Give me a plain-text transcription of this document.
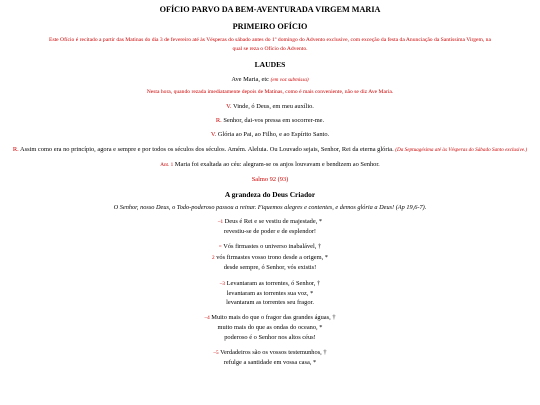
OFÍCIO PARVO DA BEM-AVENTURADA VIRGEM MARIA
PRIMEIRO OFÍCIO
Este Ofício é recitado a partir das Matinas do dia 3 de fevereiro até às Vésperas do sábado antes do 1º domingo do Advento exclusive, com exceção da festa da Anunciação da Santíssima Virgem, na
qual se reza o Ofício do Advento.
LAUDES
Ave Maria, etc (em voz submissa)
Nesta hora, quando rezada imediatamente depois de Matinas, como é mais conveniente, não se diz Ave Maria.
V. Vinde, ó Deus, em meu auxílio.
R. Senhor, dai-vos pressa em socorrer-me.
V. Glória ao Pai, ao Filho, e ao Espírito Santo.
R. Assim como era no princípio, agora e sempre e por todos os séculos dos séculos. Amém. Aleluia. Ou Louvado sejais, Senhor, Rei da eterna glória. (Da Septuagésima até às Vésperas do Sábado Santo exclusive.)
Ant. 1 Maria foi exaltada ao céu: alegram-se os anjos louvavam e bendizem ao Senhor.
Salmo 92 (93)
A grandeza do Deus Criador
O Senhor, nosso Deus, o Todo-poderoso passou a reinar. Fiquemos alegres e contentes, e demos glória a Deus! (Ap 19,6-7).
–1 Deus é Rei e se vestiu de majestade, *
revestiu-se de poder e de esplendor!
= Vós firmastes o universo inabalável, †
2 vós firmastes vosso trono desde a origem, *
desde sempre, ó Senhor, vós existis!
–3 Levantaram as torrentes, ó Senhor, †
levantaram as torrentes sua voz, *
levantaram as torrentes seu fragor.
–4 Muito mais do que o fragor das grandes águas, †
muito mais do que as ondas do oceano, *
poderoso é o Senhor nos altos céus!
–5 Verdadeiros são os vossos testemunhos, †
refulge a santidade em vossa casa, *
